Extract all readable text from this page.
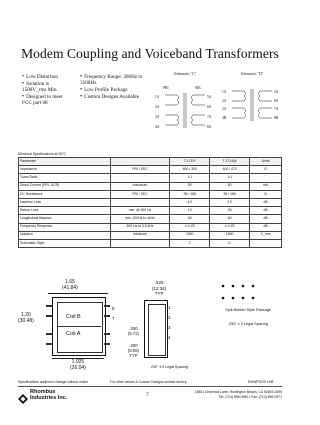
Modem Coupling and Voiceband Transformers
• Low Distortion
• Isolation is 1500V_rms Min.
• Designed to meet FCC part 68
• Frequency Range: 300Hz to 3500Hz
• Low Profile Package
• Custom Designs Available
Schematic "C"
PRI	SEC
1A
2A
3A
4A
5A
6A
7A
8A
Schematic "D"
1A
2A
3A
4B
5A
6A
7A
8B
Electrical Specifications at 25°C
Parameter		T-1713*	T-1714@	Units
Impedance	PRI / SEC	600 / 300	600 / 470	Ω
Turns Ratio		1:1	1:1	
Direct Current (PRI. DCR)	maximum	50	60	mA
DC Resistance	PRI / SEC	95 / 185	95 / 185	Ω
Insertion Loss		4.0	3.0	dB
Return Loss	min. @ 300 Hz	13	26	dB
Longitudinal Balance	min. 200Hz to 4kHz	60	60	dB
Frequency Response	300 Hz to 3.5 kHz	± 0.25	± 0.25	dB
Isolation	minimum	1500	1500	V_rms
Schematic Style		C	D	
1.65
(41.84)
1.20
(30.48)
Coil B
Coil A
8
7
1.025
(26.04)
.525
(13.34)
TYP
1
2
3
4
.250
(5.72)
.200
(5.08)
TYP
.200" 3.9 Legal Spacing
Split Bobbin Style Package
.250" x 2 Legal Spacing
Specifications subject to change without notice	For other values & Custom Designs contact factory.	EMWF0029 1/98
Rhombus
Industries Inc.	7	15801 Chemical Lane, Huntington Beach, CA 92649-1595
Tel: (714) 898-0960 • Fax: (714) 896-0971
